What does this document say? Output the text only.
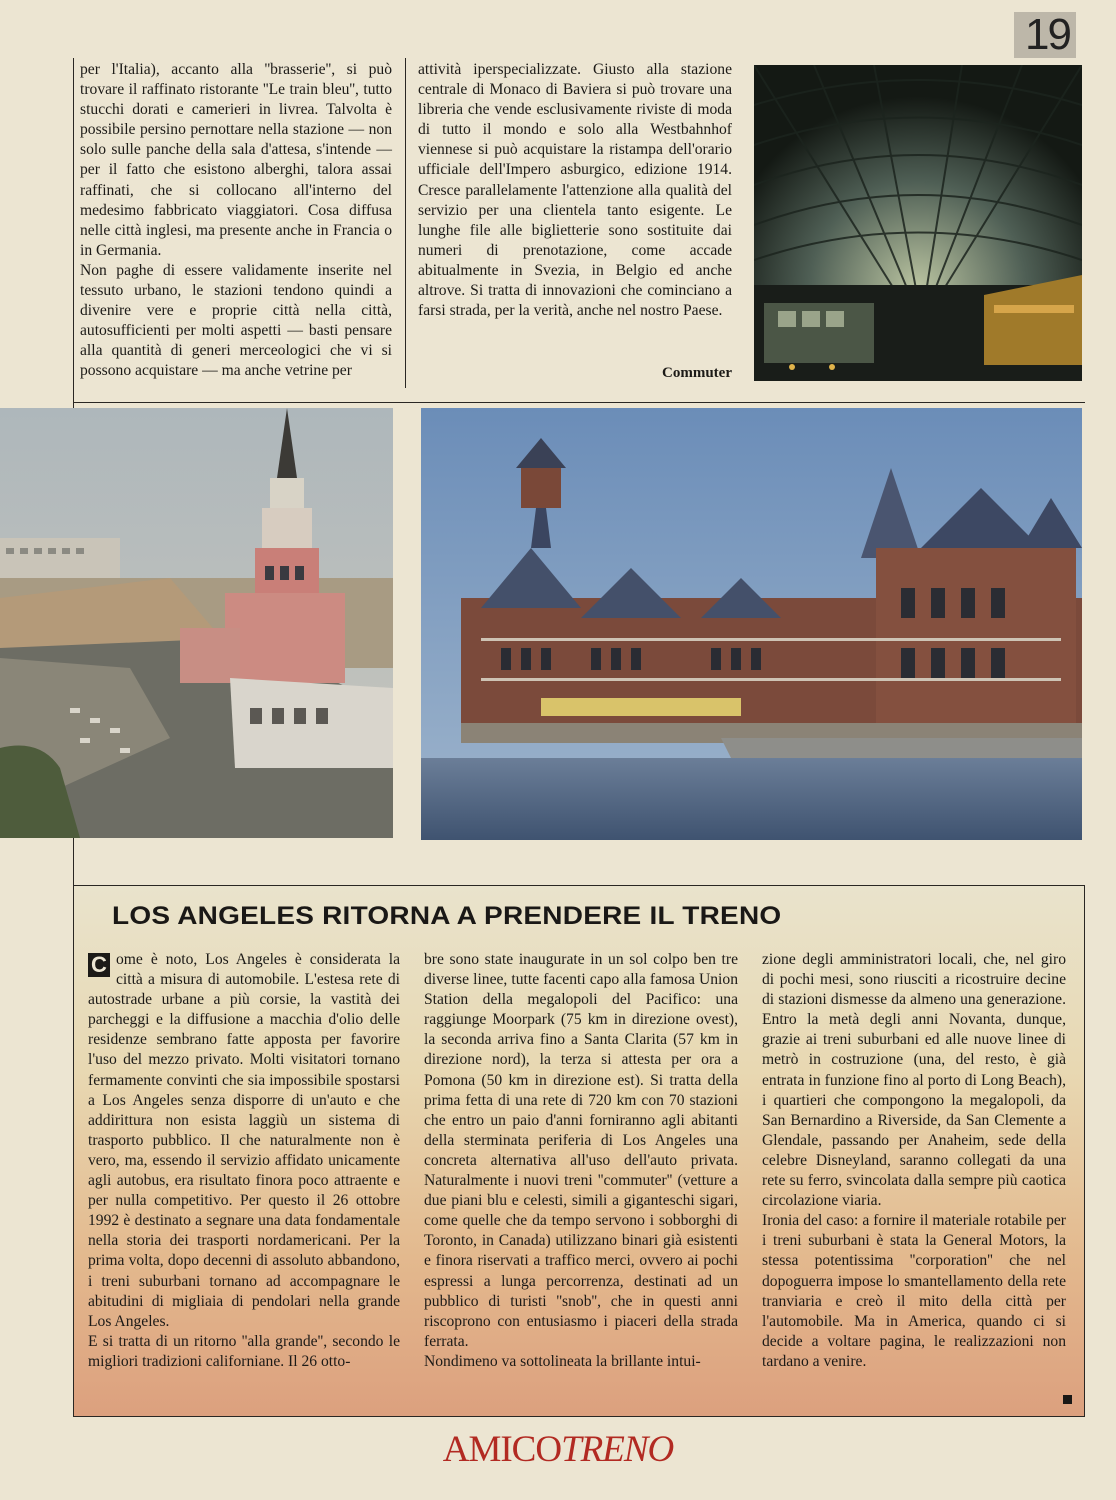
19

per l'Italia), accanto alla ''brasserie'', si può trovare il raffinato ristorante ''Le train bleu'', tutto stucchi dorati e camerieri in livrea. Talvolta è possibile persino pernottare nella stazione — non solo sulle panche della sala d'attesa, s'intende — per il fatto che esistono alberghi, talora assai raffinati, che si collocano all'interno del medesimo fabbricato viaggiatori. Cosa diffusa nelle città inglesi, ma presente anche in Francia o in Germania.

Non paghe di essere validamente inserite nel tessuto urbano, le stazioni tendono quindi a divenire vere e proprie città nella città, autosufficienti per molti aspetti — basti pensare alla quantità di generi merceologici che vi si possono acquistare — ma anche vetrine per

attività iperspecializzate. Giusto alla stazione centrale di Monaco di Baviera si può trovare una libreria che vende esclusivamente riviste di moda di tutto il mondo e solo alla Westbahnhof viennese si può acquistare la ristampa dell'orario ufficiale dell'Impero asburgico, edizione 1914. Cresce parallelamente l'attenzione alla qualità del servizio per una clientela tanto esigente. Le lunghe file alle biglietterie sono sostituite dai numeri di prenotazione, come accade abitualmente in Svezia, in Belgio ed anche altrove. Si tratta di innovazioni che cominciano a farsi strada, per la verità, anche nel nostro Paese.

Commuter
LOS ANGELES RITORNA A PRENDERE IL TRENO
C ome è noto, Los Angeles è considerata la città a misura di automobile. L'estesa rete di autostrade urbane a più corsie, la vastità dei parcheggi e la diffusione a macchia d'olio delle residenze sembrano fatte apposta per favorire l'uso del mezzo privato. Molti visitatori tornano fermamente convinti che sia impossibile spostarsi a Los Angeles senza disporre di un'auto e che addirittura non esista laggiù un sistema di trasporto pubblico. Il che naturalmente non è vero, ma, essendo il servizio affidato unicamente agli autobus, era risultato finora poco attraente e per nulla competitivo. Per questo il 26 ottobre 1992 è destinato a segnare una data fondamentale nella storia dei trasporti nordamericani. Per la prima volta, dopo decenni di assoluto abbandono, i treni suburbani tornano ad accompagnare le abitudini di migliaia di pendolari nella grande Los Angeles.

E si tratta di un ritorno ''alla grande'', secondo le migliori tradizioni californiane. Il 26 otto-

bre sono state inaugurate in un sol colpo ben tre diverse linee, tutte facenti capo alla famosa Union Station della megalopoli del Pacifico: una raggiunge Moorpark (75 km in direzione ovest), la seconda arriva fino a Santa Clarita (57 km in direzione nord), la terza si attesta per ora a Pomona (50 km in direzione est). Si tratta della prima fetta di una rete di 720 km con 70 stazioni che entro un paio d'anni forniranno agli abitanti della sterminata periferia di Los Angeles una concreta alternativa all'uso dell'auto privata. Naturalmente i nuovi treni ''commuter'' (vetture a due piani blu e celesti, simili a giganteschi sigari, come quelle che da tempo servono i sobborghi di Toronto, in Canada) utilizzano binari già esistenti e finora riservati a traffico merci, ovvero ai pochi espressi a lunga percorrenza, destinati ad un pubblico di turisti ''snob'', che in questi anni riscoprono con entusiasmo i piaceri della strada ferrata.

Nondimeno va sottolineata la brillante intui-

zione degli amministratori locali, che, nel giro di pochi mesi, sono riusciti a ricostruire decine di stazioni dismesse da almeno una generazione. Entro la metà degli anni Novanta, dunque, grazie ai treni suburbani ed alle nuove linee di metrò in costruzione (una, del resto, è già entrata in funzione fino al porto di Long Beach), i quartieri che compongono la megalopoli, da San Bernardino a Riverside, da San Clemente a Glendale, passando per Anaheim, sede della celebre Disneyland, saranno collegati da una rete su ferro, svincolata dalla sempre più caotica circolazione viaria.

Ironia del caso: a fornire il materiale rotabile per i treni suburbani è stata la General Motors, la stessa potentissima ''corporation'' che nel dopoguerra impose lo smantellamento della rete tranviaria e creò il mito della città per l'automobile. Ma in America, quando ci si decide a voltare pagina, le realizzazioni non tardano a venire.

AMICOTRENO
